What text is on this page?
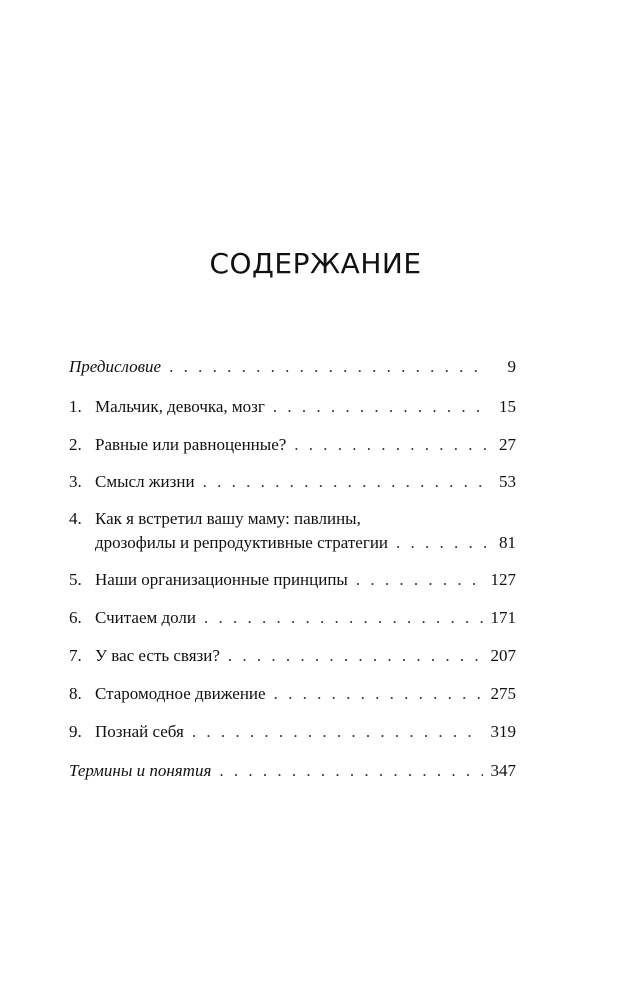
СОДЕРЖАНИЕ
Предисловие . . .	9
1. Мальчик, девочка, мозг . . .	15
2. Равные или равноценные? . . .	27
3. Смысл жизни . . .	53
4. Как я встретил вашу маму: павлины,
дрозофилы и репродуктивные стратегии . . .	81
5. Наши организационные принципы . . .	127
6. Считаем доли . . .	171
7. У вас есть связи? . . .	207
8. Старомодное движение . . .	275
9. Познай себя . . .	319
Термины и понятия . . .	347
